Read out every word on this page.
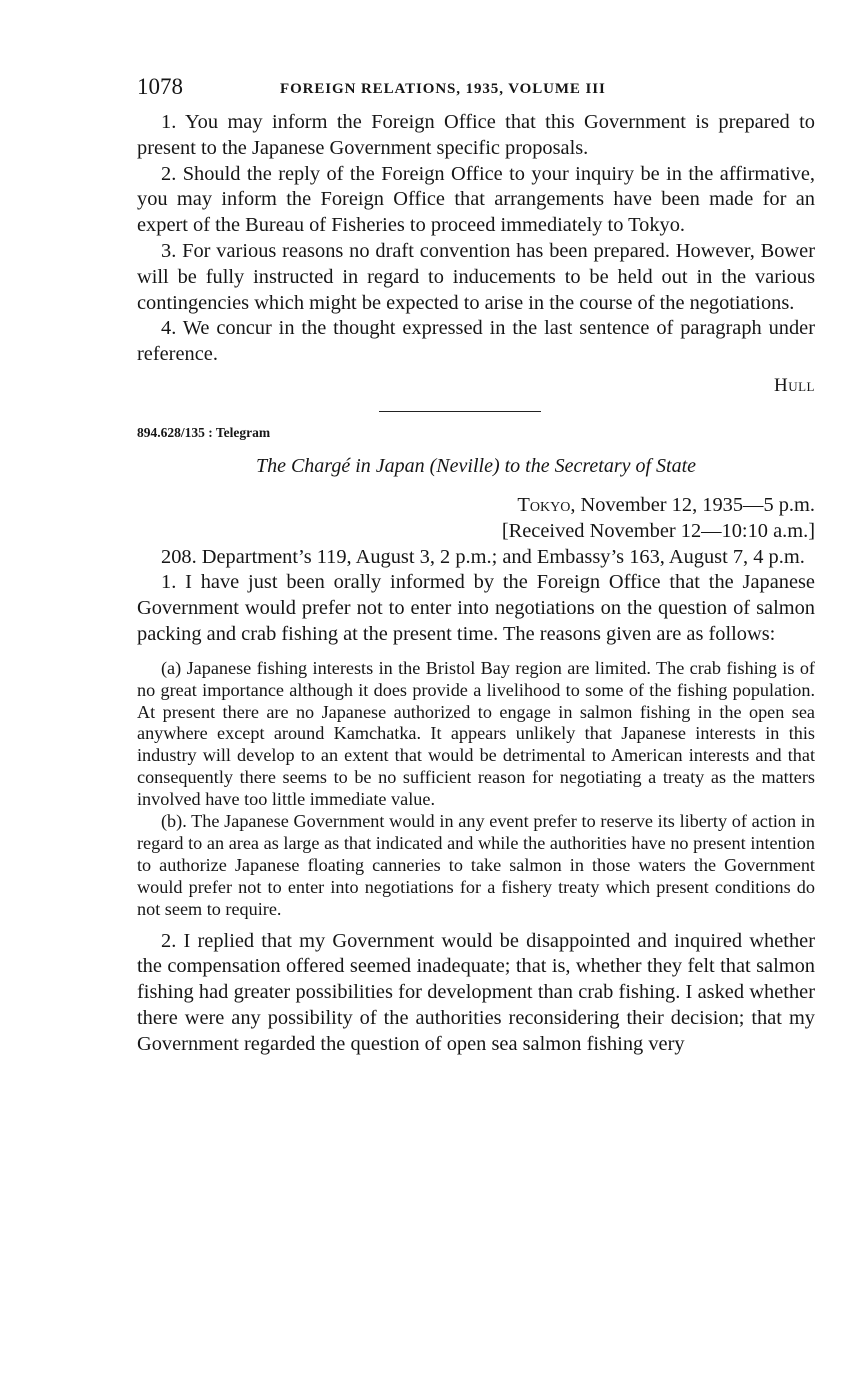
1078	FOREIGN RELATIONS, 1935, VOLUME III

1. You may inform the Foreign Office that this Government is prepared to present to the Japanese Government specific proposals.

2. Should the reply of the Foreign Office to your inquiry be in the affirmative, you may inform the Foreign Office that arrangements have been made for an expert of the Bureau of Fisheries to proceed immediately to Tokyo.

3. For various reasons no draft convention has been prepared. However, Bower will be fully instructed in regard to inducements to be held out in the various contingencies which might be expected to arise in the course of the negotiations.

4. We concur in the thought expressed in the last sentence of paragraph under reference.

Hull
894.628/135 : Telegram
The Chargé in Japan (Neville) to the Secretary of State
Tokyo, November 12, 1935—5 p.m.
[Received November 12—10:10 a.m.]

208. Department’s 119, August 3, 2 p.m.; and Embassy’s 163, August 7, 4 p.m.

1. I have just been orally informed by the Foreign Office that the Japanese Government would prefer not to enter into negotiations on the question of salmon packing and crab fishing at the present time. The reasons given are as follows:

(a) Japanese fishing interests in the Bristol Bay region are limited. The crab fishing is of no great importance although it does provide a livelihood to some of the fishing population. At present there are no Japanese authorized to engage in salmon fishing in the open sea anywhere except around Kamchatka. It appears unlikely that Japanese interests in this industry will develop to an extent that would be detrimental to American interests and that consequently there seems to be no sufficient reason for negotiating a treaty as the matters involved have too little immediate value.

(b). The Japanese Government would in any event prefer to reserve its liberty of action in regard to an area as large as that indicated and while the authorities have no present intention to authorize Japanese floating canneries to take salmon in those waters the Government would prefer not to enter into negotiations for a fishery treaty which present conditions do not seem to require.

2. I replied that my Government would be disappointed and inquired whether the compensation offered seemed inadequate; that is, whether they felt that salmon fishing had greater possibilities for development than crab fishing. I asked whether there were any possibility of the authorities reconsidering their decision; that my Government regarded the question of open sea salmon fishing very
